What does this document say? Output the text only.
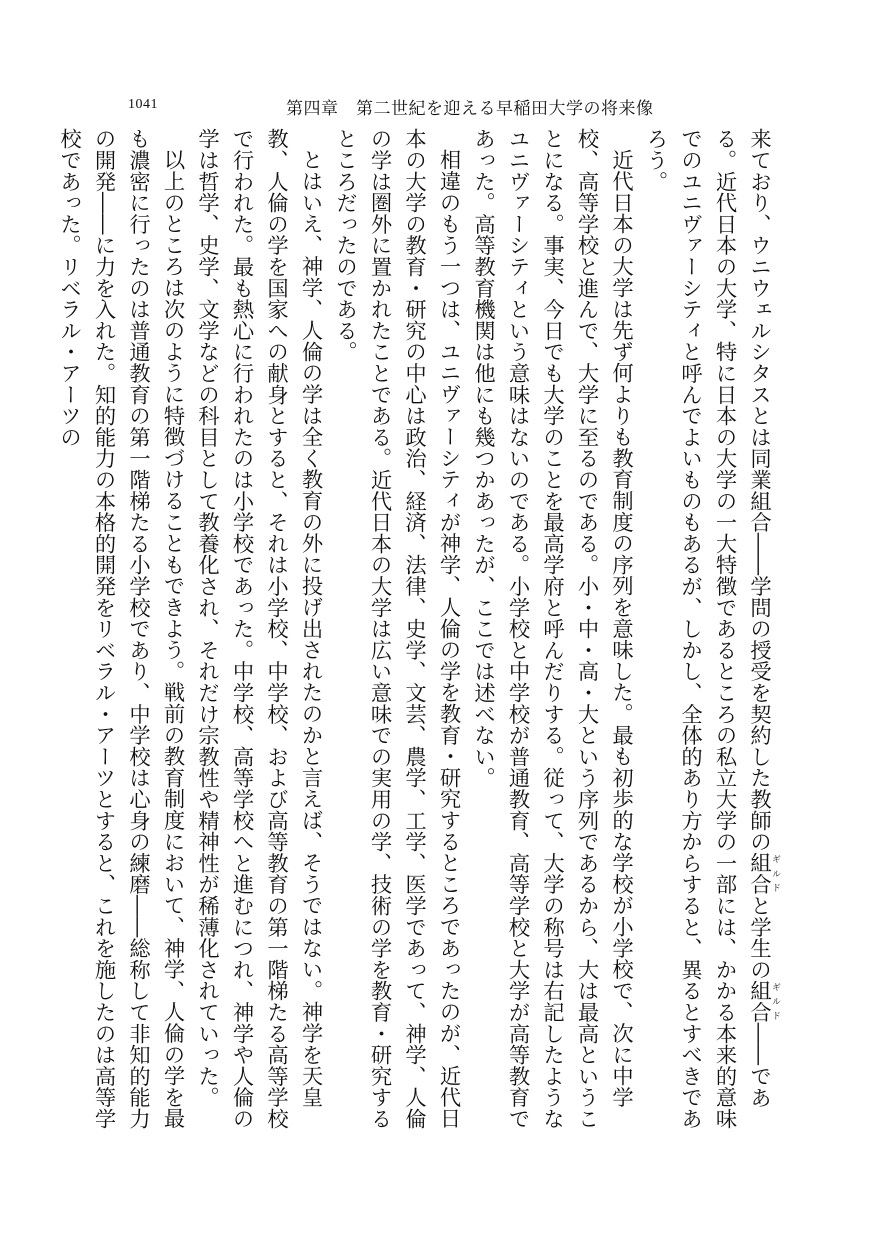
1041	第四章　第二世紀を迎える早稲田大学の将来像

来ており、ウニウェルシタスとは同業組合――学問の授受を契約した教師の組合ギルドと学生の組合ギルド――である。近代日本の大学、特に日本の大学の一大特徴であるところの私立大学の一部には、かかる本来的意味でのユニヴァーシティと呼んでよいものもあるが、しかし、全体的あり方からすると、異るとすべきであろう。

近代日本の大学は先ず何よりも教育制度の序列を意味した。最も初歩的な学校が小学校で、次に中学校、高等学校と進んで、大学に至るのである。小・中・高・大という序列であるから、大は最高ということになる。事実、今日でも大学のことを最高学府と呼んだりする。従って、大学の称号は右記したようなユニヴァーシティという意味はないのである。小学校と中学校が普通教育、高等学校と大学が高等教育であった。高等教育機関は他にも幾つかあったが、ここでは述べない。

相違のもう一つは、ユニヴァーシティが神学、人倫の学を教育・研究するところであったのが、近代日本の大学の教育・研究の中心は政治、経済、法律、史学、文芸、農学、工学、医学であって、神学、人倫の学は圏外に置かれたことである。近代日本の大学は広い意味での実用の学、技術の学を教育・研究するところだったのである。

とはいえ、神学、人倫の学は全く教育の外に投げ出されたのかと言えば、そうではない。神学を天皇教、人倫の学を国家への献身とすると、それは小学校、中学校、および高等教育の第一階梯たる高等学校で行われた。最も熱心に行われたのは小学校であった。中学校、高等学校へと進むにつれ、神学や人倫の学は哲学、史学、文学などの科目として教養化され、それだけ宗教性や精神性が稀薄化されていった。

以上のところは次のように特徴づけることもできよう。戦前の教育制度において、神学、人倫の学を最も濃密に行ったのは普通教育の第一階梯たる小学校であり、中学校は心身の練磨――総称して非知的能力の開発――に力を入れた。知的能力の本格的開発をリベラル・アーツとすると、これを施したのは高等学校であった。リベラル・アーツの
